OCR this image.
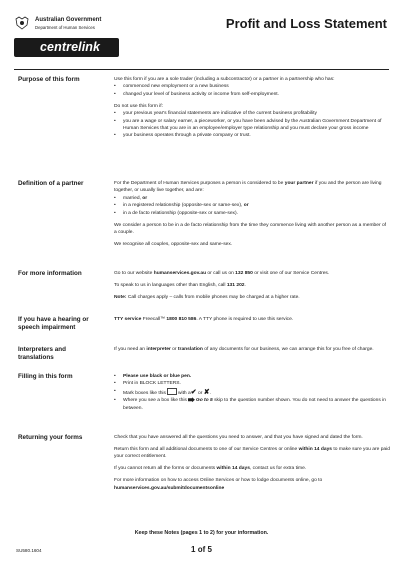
Australian Government
Department of Human Services
centrelink
Profit and Loss Statement
Purpose of this form	Use this form if you are a sole trader (including a subcontractor) or a partner in a partnership who has:

• commenced new employment or a new business

• changed your level of business activity or income from self-employment.

Do not use this form if:

• your previous year's financial statements are indicative of the current business profitability

• you are a wage or salary earner, a pieceworker, or you have been advised by the Australian Government Department of Human Services that you are in an employee/employer type relationship and you must declare your gross income

• your business operates through a private company or trust.

Definition of a partner	For the Department of Human Services purposes a person is considered to be your partner if you and the person are living together, or usually live together, and are:

• married, or

• in a registered relationship (opposite-sex or same-sex), or

• in a de facto relationship (opposite-sex or same-sex).

We consider a person to be in a de facto relationship from the time they commence living with another person as a member of a couple.

We recognise all couples, opposite-sex and same-sex.

For more information	Go to our website humanservices.gov.au or call us on 132 850 or visit one of our Service Centres.

To speak to us in languages other than English, call 131 202.

Note: Call charges apply – calls from mobile phones may be charged at a higher rate.

If you have a hearing or speech impairment

TTY service Freecall™ 1800 810 586. A TTY phone is required to use this service.

Interpreters and translations

If you need an interpreter or translation of any documents for our business, we can arrange this for you free of charge.

Filling in this form

•	Please use black or blue pen.

• Print in BLOCK LETTERS.

• Mark boxes like this with a✔ or ✘.

• Where you see a box like this Go to 5 skip to the question number shown. You do not need to answer the questions in between.

Returning your forms	Check that you have answered all the questions you need to answer, and that you have signed and dated the form.

Return this form and all additional documents to one of our Service Centres or online within 14 days to make sure you are paid your correct entitlement.

If you cannot return all the forms or documents within 14 days, contact us for extra time.

For more information on how to access Online Services or how to lodge documents online, go to

humanservices.gov.au/submitdocumentsonline

Keep these Notes (pages 1 to 2) for your information.
SU580.1604	1 of 5
